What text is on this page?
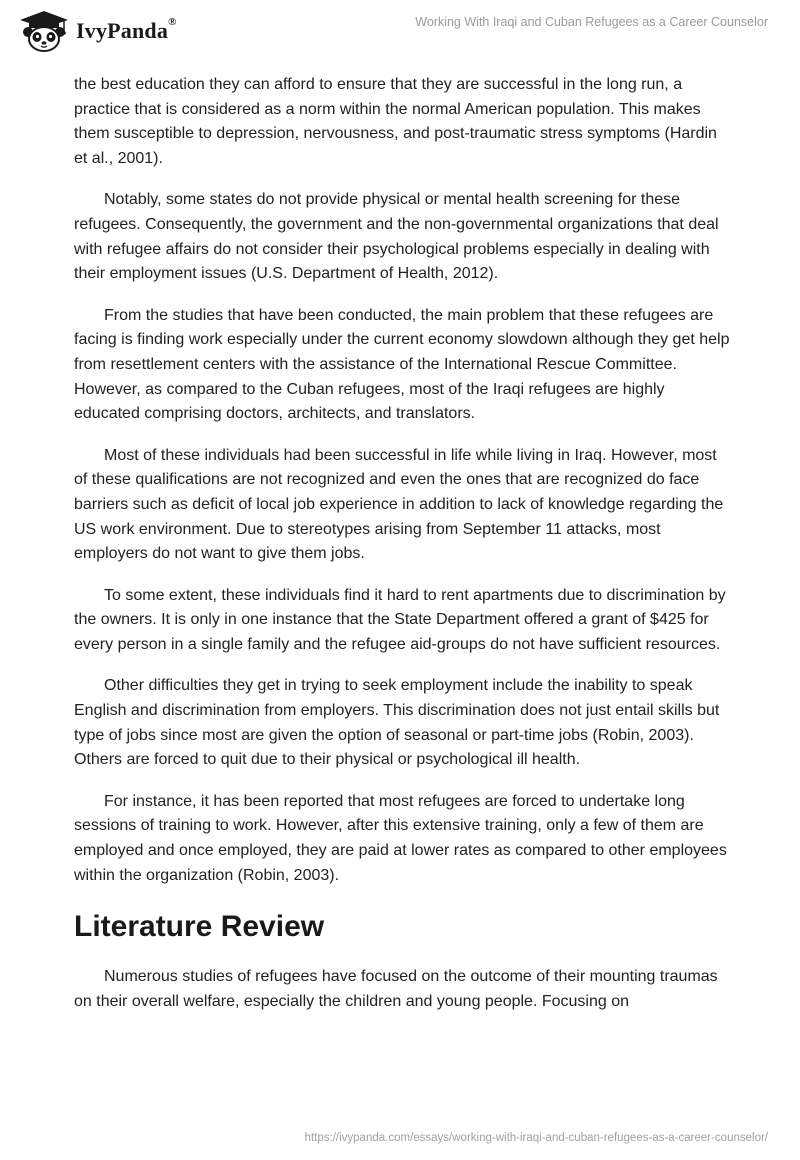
IvyPanda®	Working With Iraqi and Cuban Refugees as a Career Counselor

the best education they can afford to ensure that they are successful in the long run, a practice that is considered as a norm within the normal American population. This makes them susceptible to depression, nervousness, and post-traumatic stress symptoms (Hardin et al., 2001).

Notably, some states do not provide physical or mental health screening for these refugees. Consequently, the government and the non-governmental organizations that deal with refugee affairs do not consider their psychological problems especially in dealing with their employment issues (U.S. Department of Health, 2012).

From the studies that have been conducted, the main problem that these refugees are facing is finding work especially under the current economy slowdown although they get help from resettlement centers with the assistance of the International Rescue Committee. However, as compared to the Cuban refugees, most of the Iraqi refugees are highly educated comprising doctors, architects, and translators.

Most of these individuals had been successful in life while living in Iraq. However, most of these qualifications are not recognized and even the ones that are recognized do face barriers such as deficit of local job experience in addition to lack of knowledge regarding the US work environment. Due to stereotypes arising from September 11 attacks, most employers do not want to give them jobs.

To some extent, these individuals find it hard to rent apartments due to discrimination by the owners. It is only in one instance that the State Department offered a grant of $425 for every person in a single family and the refugee aid-groups do not have sufficient resources.

Other difficulties they get in trying to seek employment include the inability to speak English and discrimination from employers. This discrimination does not just entail skills but type of jobs since most are given the option of seasonal or part-time jobs (Robin, 2003). Others are forced to quit due to their physical or psychological ill health.

For instance, it has been reported that most refugees are forced to undertake long sessions of training to work. However, after this extensive training, only a few of them are employed and once employed, they are paid at lower rates as compared to other employees within the organization (Robin, 2003).

Literature Review

Numerous studies of refugees have focused on the outcome of their mounting traumas on their overall welfare, especially the children and young people. Focusing on

https://ivypanda.com/essays/working-with-iraqi-and-cuban-refugees-as-a-career-counselor/
